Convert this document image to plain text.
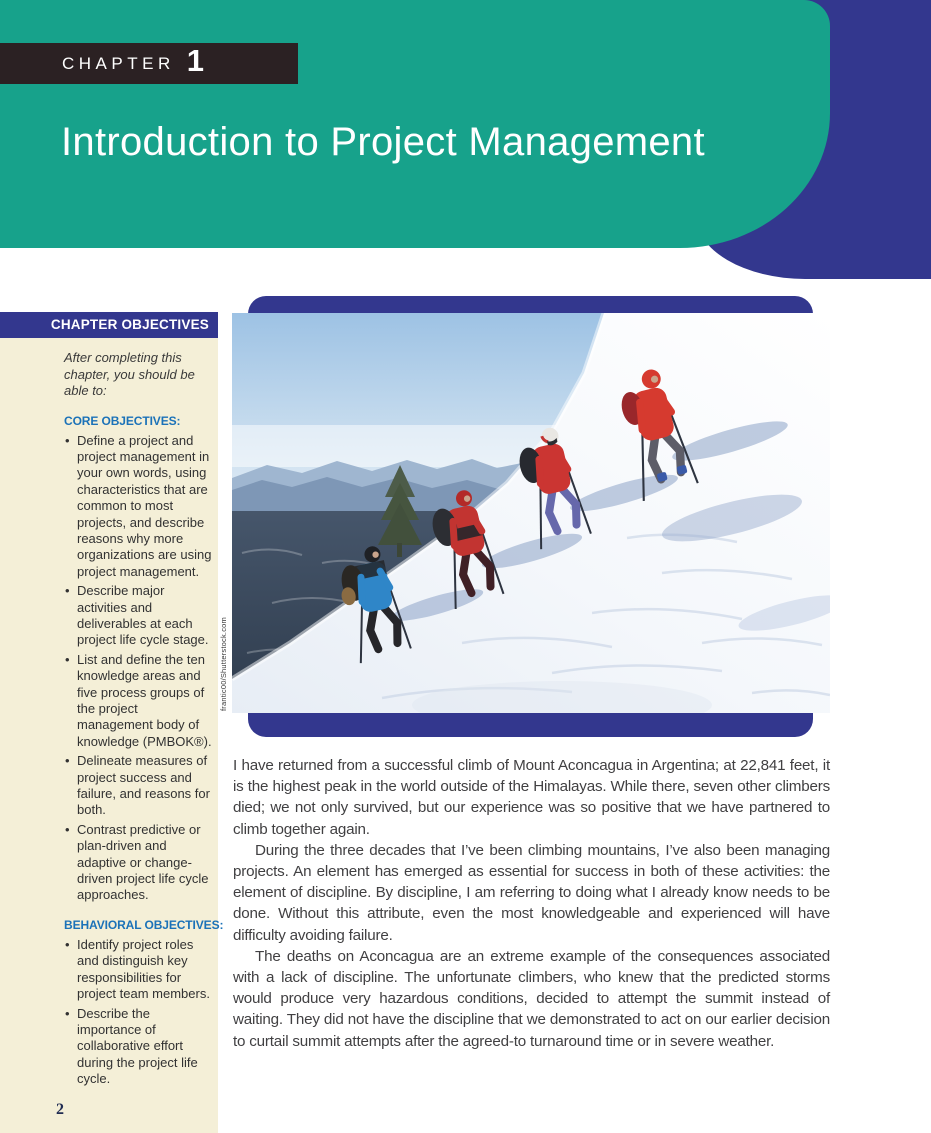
CHAPTER 1
Introduction to Project Management
CHAPTER OBJECTIVES

After completing this chapter, you should be able to:

CORE OBJECTIVES:
• Define a project and project management in your own words, using characteristics that are common to most projects, and describe reasons why more organizations are using project management.
• Describe major activities and deliverables at each project life cycle stage.
• List and define the ten knowledge areas and five process groups of the project management body of knowledge (PMBOK®).
• Delineate measures of project success and failure, and reasons for both.
• Contrast predictive or plan-driven and adaptive or change-driven project life cycle approaches.
BEHAVIORAL OBJECTIVES:
• Identify project roles and distinguish key responsibilities for project team members.
• Describe the importance of collaborative effort during the project life cycle.
frantic00/Shutterstock.com

I have returned from a successful climb of Mount Aconcagua in Argentina; at 22,841 feet, it is the highest peak in the world outside of the Himalayas. While there, seven other climbers died; we not only survived, but our experience was so positive that we have partnered to climb together again.

During the three decades that I’ve been climbing mountains, I’ve also been managing projects. An element has emerged as essential for success in both of these activities: the element of discipline. By discipline, I am referring to doing what I already know needs to be done. Without this attribute, even the most knowledgeable and experienced will have difficulty avoiding failure.

The deaths on Aconcagua are an extreme example of the consequences associated with a lack of discipline. The unfortunate climbers, who knew that the predicted storms would produce very hazardous conditions, decided to attempt the summit instead of waiting. They did not have the discipline that we demonstrated to act on our earlier decision to curtail summit attempts after the agreed-to turnaround time or in severe weather.

2
